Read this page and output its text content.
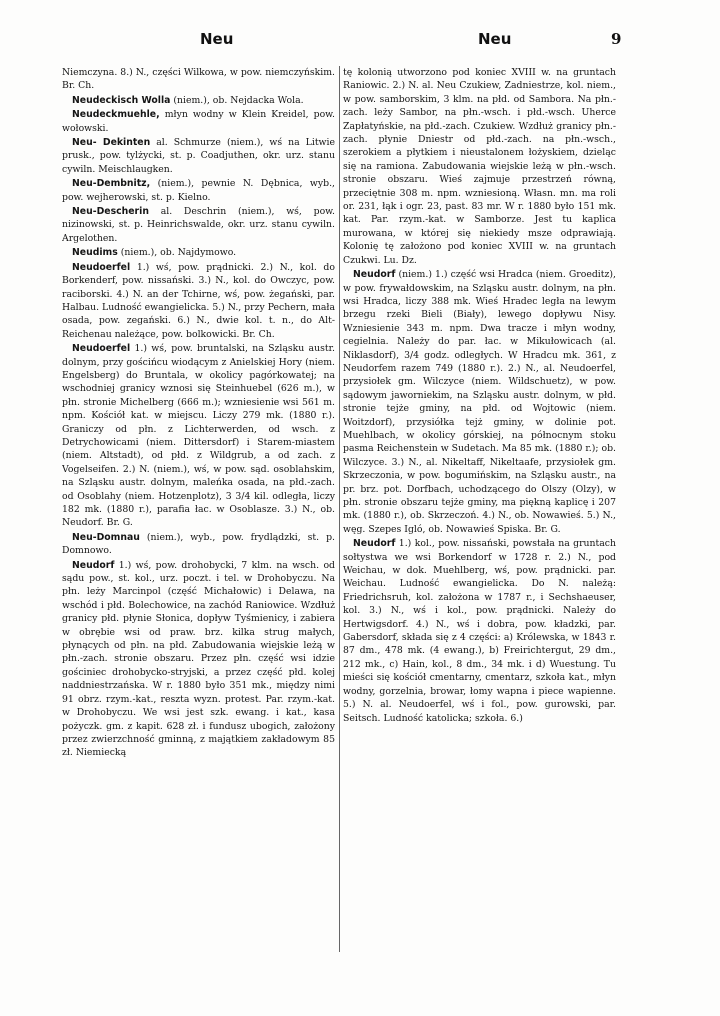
Neu	Neu	9

Niemczyna. 8.) N., części Wilkowa, w pow. niemczyńskim. Br. Ch.

Neudeckisch Wolla (niem.), ob. Nejdacka Wola.

Neudeckmuehle, młyn wodny w Klein Kreidel, pow. wołowski.

Neu- Dekinten al. Schmurze (niem.), wś na Litwie prusk., pow. tylżycki, st. p. Coadjuthen, okr. urz. stanu cywiln. Meischlaugken.

Neu-Dembnitz, (niem.), pewnie N. Dębnica, wyb., pow. wejherowski, st. p. Kielno.

Neu-Descherin al. Deschrin (niem.), wś, pow. nizinowski, st. p. Heinrichswalde, okr. urz. stanu cywiln. Argelothen.

Neudims (niem.), ob. Najdymowo.

Neudoerfel 1.) wś, pow. prądnicki. 2.) N., kol. do Borkenderf, pow. nissański. 3.) N., kol. do Owczyc, pow. raciborski. 4.) N. an der Tchirne, wś, pow. żegański, par. Halbau. Ludność ewangielicka. 5.) N., przy Pechern, mała osada, pow. zegański. 6.) N., dwie kol. t. n., do Alt-Reichenau należące, pow. bolkowicki. Br. Ch.

Neudoerfel 1.) wś, pow. bruntalski, na Szląsku austr. dolnym, przy gościńcu wiodącym z Anielskiej Hory (niem. Engelsberg) do Bruntala, w okolicy pagórkowatej; na wschodniej granicy wznosi się Steinhuebel (626 m.), w płn. stronie Michelberg (666 m.); wzniesienie wsi 561 m. npm. Kościół kat. w miejscu. Liczy 279 mk. (1880 r.). Graniczy od płn. z Lichterwerden, od wsch. z Detrychowicami (niem. Dittersdorf) i Starem-miastem (niem. Altstadt), od płd. z Wildgrub, a od zach. z Vogelseifen. 2.) N. (niem.), wś, w pow. sąd. osoblahskim, na Szląsku austr. dolnym, maleńka osada, na płd.-zach. od Osoblahy (niem. Hotzenplotz), 3 3/4 kil. odległa, liczy 182 mk. (1880 r.), parafia łac. w Osoblasze. 3.) N., ob. Neudorf. Br. G.

Neu-Domnau (niem.), wyb., pow. frydlądzki, st. p. Domnowo.

Neudorf 1.) wś, pow. drohobycki, 7 klm. na wsch. od sądu pow., st. kol., urz. poczt. i tel. w Drohobyczu. Na płn. leży Marcinpol (część Michałowic) i Delawa, na wschód i płd. Bolechowice, na zachód Raniowice. Wzdłuż granicy płd. płynie Słonica, dopływ Tyśmienicy, i zabiera w obrębie wsi od praw. brz. kilka strug małych, płynących od płn. na płd. Zabudowania wiejskie leżą w płn.-zach. stronie obszaru. Przez płn. część wsi idzie gościniec drohobycko-stryjski, a przez część płd. kolej naddniestrzańska. W r. 1880 było 351 mk., między nimi 91 obrz. rzym.-kat., reszta wyzn. protest. Par. rzym.-kat. w Drohobyczu. We wsi jest szk. ewang. i kat., kasa pożyczk. gm. z kapit. 628 zł. i fundusz ubogich, założony przez zwierzchność gminną, z majątkiem zakładowym 85 zł. Niemiecką

tę kolonią utworzono pod koniec XVIII w. na gruntach Raniowic. 2.) N. al. Neu Czukiew, Zadniestrze, kol. niem., w pow. samborskim, 3 klm. na płd. od Sambora. Na płn.-zach. leży Sambor, na płn.-wsch. i płd.-wsch. Uherce Zapłatyńskie, na płd.-zach. Czukiew. Wzdłuż granicy płn.-zach. płynie Dniestr od płd.-zach. na płn.-wsch., szerokiem a płytkiem i nieustalonem łożyskiem, dzieląc się na ramiona. Zabudowania wiejskie leżą w płn.-wsch. stronie obszaru. Wieś zajmuje przestrzeń równą, przeciętnie 308 m. npm. wzniesioną. Własn. mn. ma roli or. 231, łąk i ogr. 23, past. 83 mr. W r. 1880 było 151 mk. kat. Par. rzym.-kat. w Samborze. Jest tu kaplica murowana, w której się niekiedy msze odprawiają. Kolonię tę założono pod koniec XVIII w. na gruntach Czukwi. Lu. Dz.

Neudorf (niem.) 1.) część wsi Hradca (niem. Groeditz), w pow. frywałdowskim, na Szląsku austr. dolnym, na płn. wsi Hradca, liczy 388 mk. Wieś Hradec legła na lewym brzegu rzeki Bieli (Biały), lewego dopływu Nisy. Wzniesienie 343 m. npm. Dwa tracze i młyn wodny, cegielnia. Należy do par. łac. w Mikułowicach (al. Niklasdorf), 3/4 godz. odległych. W Hradcu mk. 361, z Neudorfem razem 749 (1880 r.). 2.) N., al. Neudoerfel, przysiołek gm. Wilczyce (niem. Wildschuetz), w pow. sądowym jaworniekim, na Szląsku austr. dolnym, w płd. stronie tejże gminy, na płd. od Wojtowic (niem. Woitzdorf), przysiółka tejż gminy, w dolinie pot. Muehlbach, w okolicy górskiej, na północnym stoku pasma Reichenstein w Sudetach. Ma 85 mk. (1880 r.); ob. Wilczyce. 3.) N., al. Nikeltaff, Nikeltaafe, przysiołek gm. Skrzeczonia, w pow. bogumińskim, na Szląsku austr., na pr. brz. pot. Dorfbach, uchodzącego do Olszy (Olzy), w płn. stronie obszaru tejże gminy, ma piękną kaplicę i 207 mk. (1880 r.), ob. Skrzeczoń. 4.) N., ob. Nowawieś. 5.) N., węg. Szepes Igló, ob. Nowawieś Spiska. Br. G.

Neudorf 1.) kol., pow. nissański, powstała na gruntach sołtystwa we wsi Borkendorf w 1728 r. 2.) N., pod Weichau, w dok. Muehlberg, wś, pow. prądnicki. par. Weichau. Ludność ewangielicka. Do N. należą: Friedrichsruh, kol. założona w 1787 r., i Sechshaeuser, kol. 3.) N., wś i kol., pow. prądnicki. Należy do Hertwigsdorf. 4.) N., wś i dobra, pow. kładzki, par. Gabersdorf, składa się z 4 części: a) Królewska, w 1843 r. 87 dm., 478 mk. (4 ewang.), b) Freirichtergut, 29 dm., 212 mk., c) Hain, kol., 8 dm., 34 mk. i d) Wuestung. Tu mieści się kościół cmentarny, cmentarz, szkoła kat., młyn wodny, gorzelnia, browar, łomy wapna i piece wapienne. 5.) N. al. Neudoerfel, wś i fol., pow. gurowski, par. Seitsch. Ludność katolicka; szkoła. 6.)
